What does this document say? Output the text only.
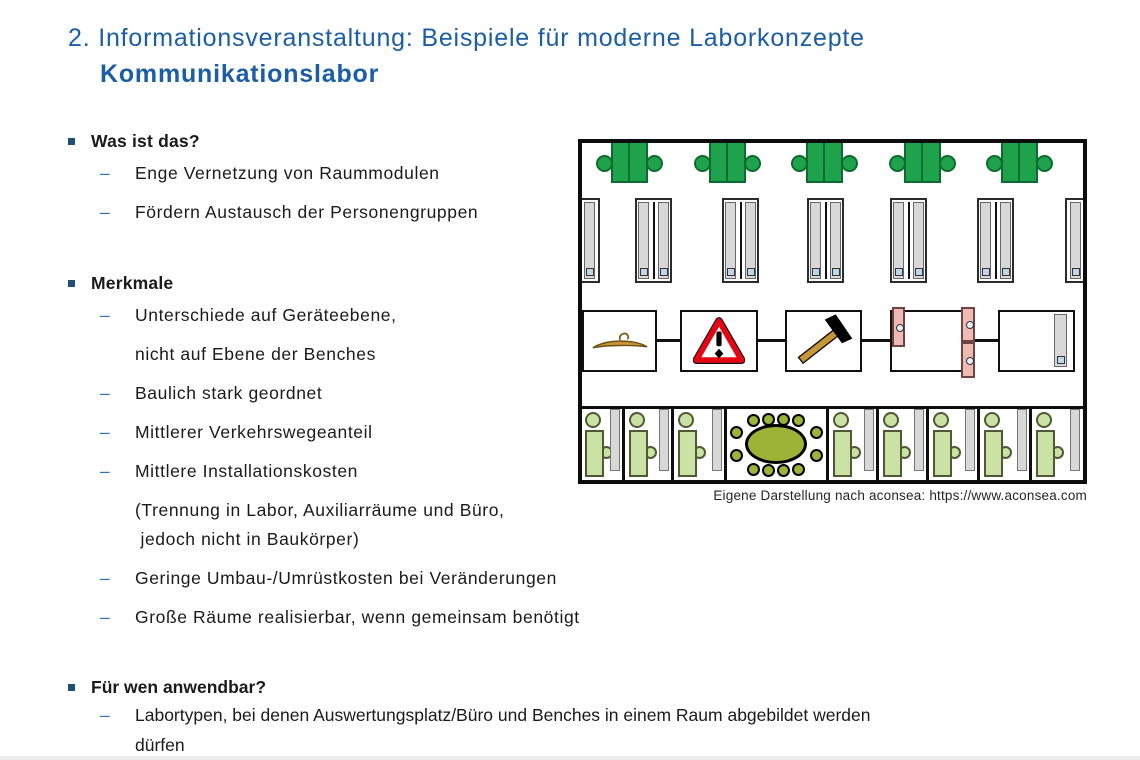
2. Informationsveranstaltung: Beispiele für moderne Laborkonzepte
Kommunikationslabor
Was ist das?
–	Enge Vernetzung von Raummodulen
–	Fördern Austausch der Personengruppen
Merkmale
–	Unterschiede auf Geräteebene,
nicht auf Ebene der Benches
–	Baulich stark geordnet
–	Mittlerer Verkehrswegeanteil
–	Mittlere Installationskosten
(Trennung in Labor, Auxiliarräume und Büro,
jedoch nicht in Baukörper)
–	Geringe Umbau-/Umrüstkosten bei Veränderungen
–	Große Räume realisierbar, wenn gemeinsam benötigt
Für wen anwendbar?
–	Labortypen, bei denen Auswertungsplatz/Büro und Benches in einem Raum abgebildet werden
dürfen
Eigene Darstellung nach aconsea: https://www.aconsea.com
